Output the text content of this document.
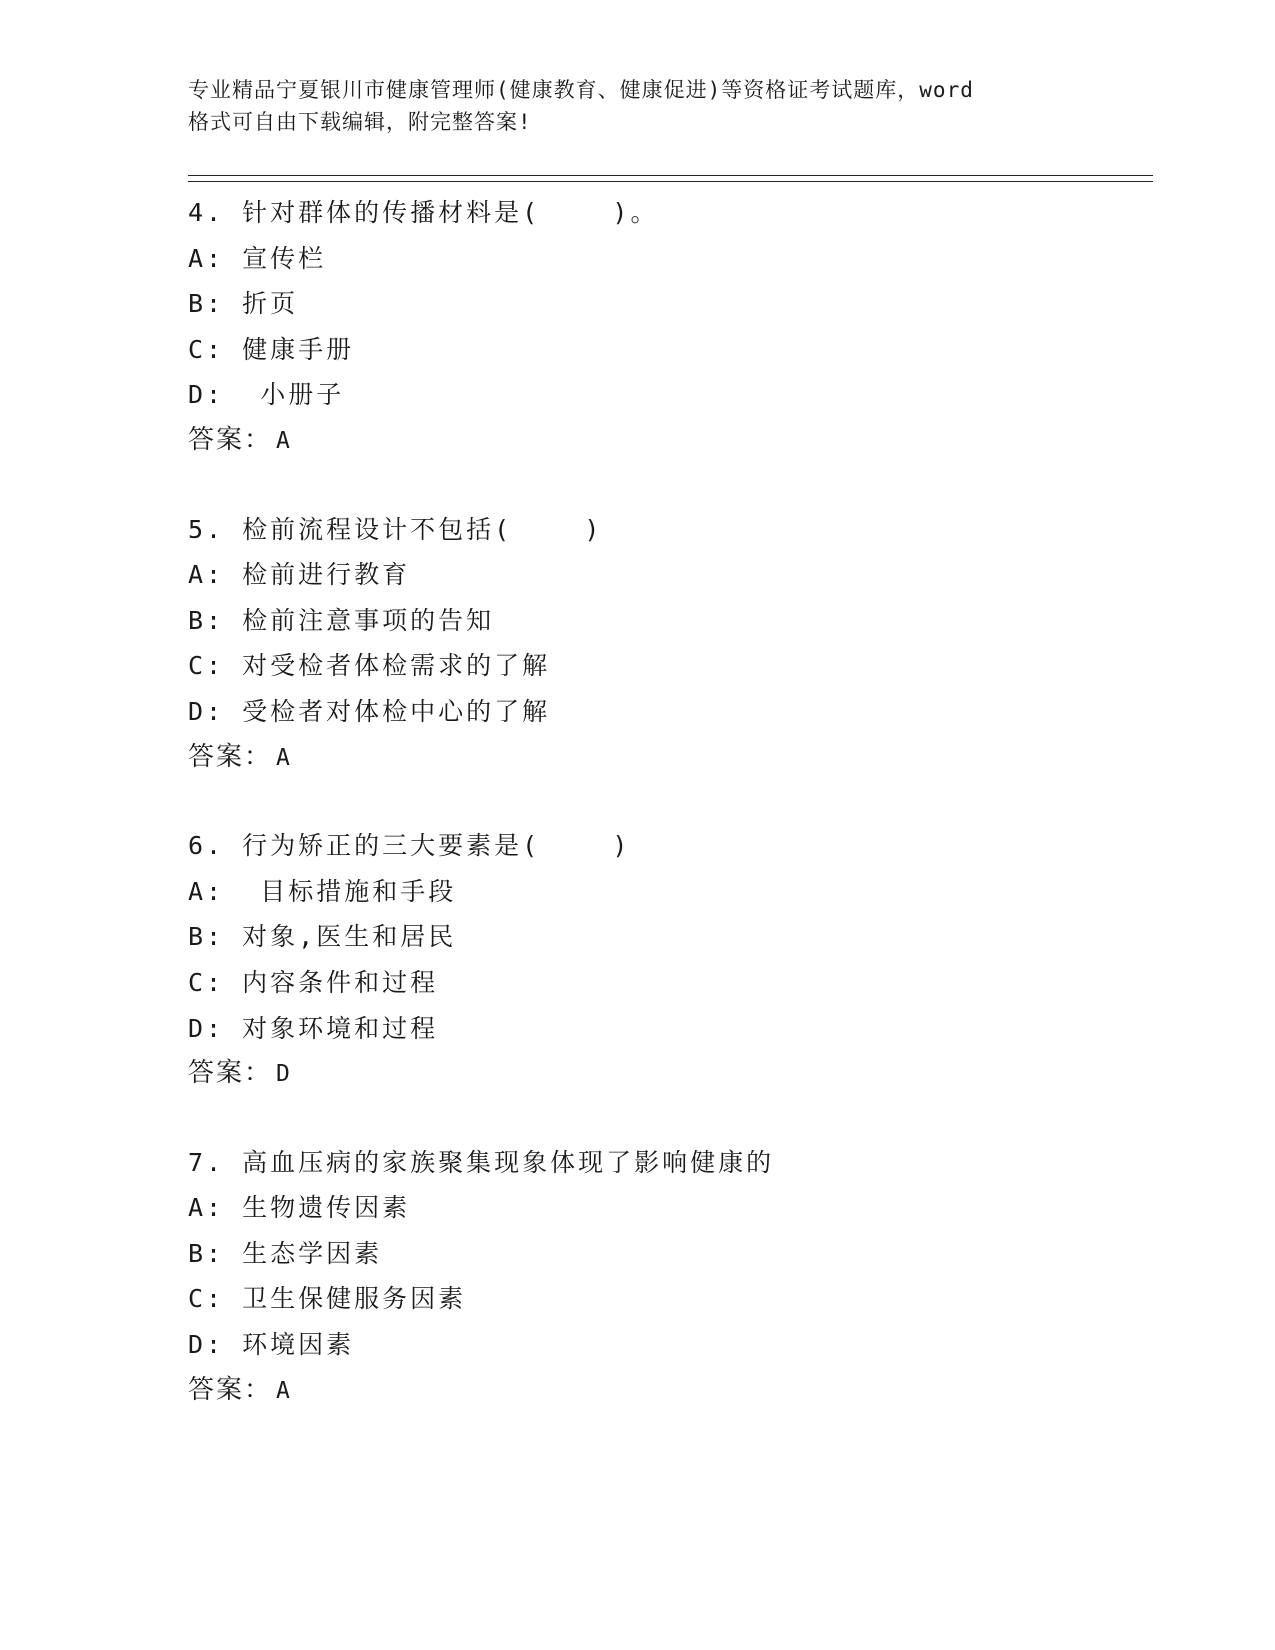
专业精品宁夏银川市健康管理师(健康教育、健康促进)等资格证考试题库，word
格式可自由下载编辑，附完整答案!
4. 针对群体的传播材料是(    )。
A: 宣传栏
B: 折页
C: 健康手册
D:  小册子
答案： A
5. 检前流程设计不包括(    )
A: 检前进行教育
B: 检前注意事项的告知
C: 对受检者体检需求的了解
D: 受检者对体检中心的了解
答案： A
6. 行为矫正的三大要素是(    )
A:  目标措施和手段
B: 对象,医生和居民
C: 内容条件和过程
D: 对象环境和过程
答案： D
7. 高血压病的家族聚集现象体现了影响健康的
A: 生物遗传因素
B: 生态学因素
C: 卫生保健服务因素
D: 环境因素
答案： A
